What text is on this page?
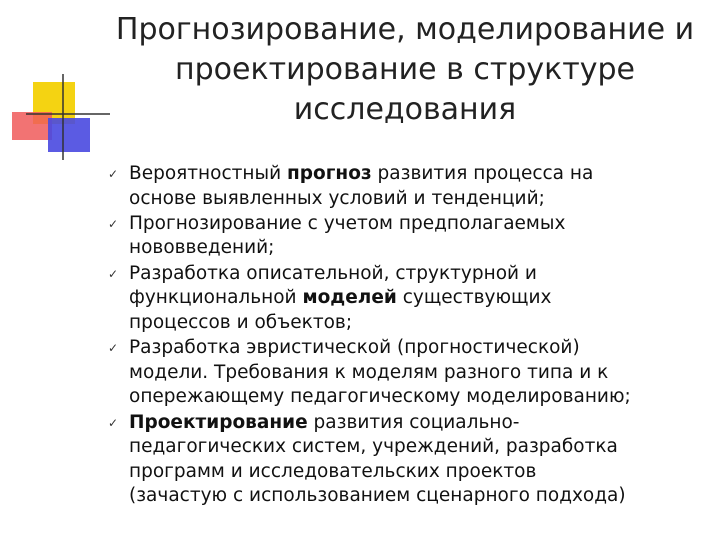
Прогнозирование, моделирование и
проектирование в структуре
исследования
✓ Вероятностный прогноз развития процесса на
основе выявленных условий и тенденций;
✓ Прогнозирование с учетом предполагаемых
нововведений;
✓ Разработка описательной, структурной и
функциональной моделей существующих
процессов и объектов;
✓ Разработка эвристической (прогностической)
модели. Требования к моделям разного типа и к
опережающему педагогическому моделированию;
✓ Проектирование развития социально-
педагогических систем, учреждений, разработка
программ и исследовательских проектов
(зачастую с использованием сценарного подхода)
